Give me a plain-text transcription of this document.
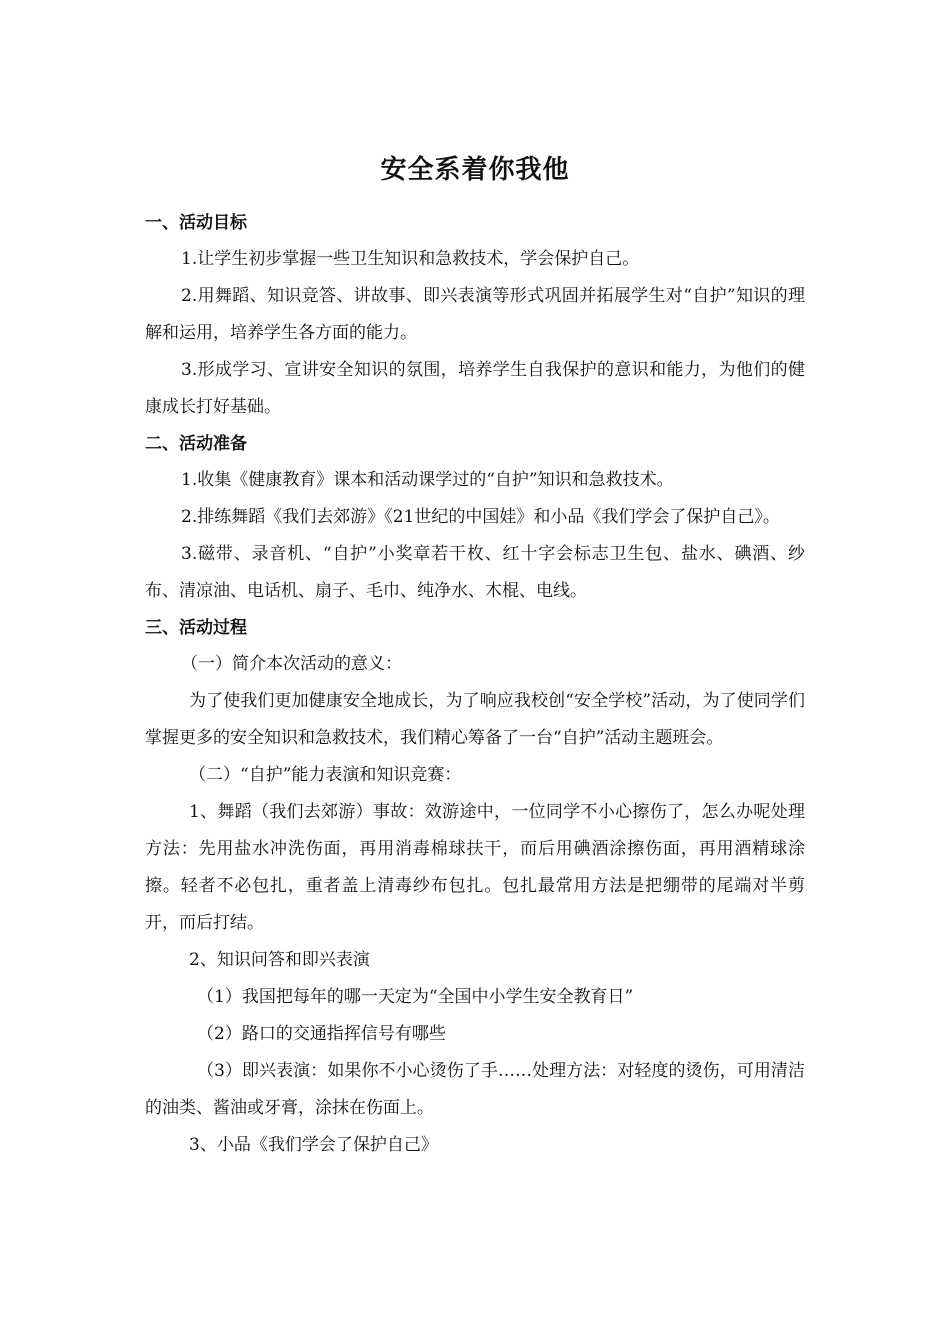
安全系着你我他

一、活动目标

1.让学生初步掌握一些卫生知识和急救技术，学会保护自己。

2.用舞蹈、知识竞答、讲故事、即兴表演等形式巩固并拓展学生对“自护”知识的理解和运用，培养学生各方面的能力。

3.形成学习、宣讲安全知识的氛围，培养学生自我保护的意识和能力，为他们的健康成长打好基础。

二、活动准备

1.收集《健康教育》课本和活动课学过的“自护”知识和急救技术。

2.排练舞蹈《我们去郊游》《21世纪的中国娃》和小品《我们学会了保护自己》。

3.磁带、录音机、“自护”小奖章若干枚、红十字会标志卫生包、盐水、碘酒、纱布、清凉油、电话机、扇子、毛巾、纯净水、木棍、电线。

三、活动过程

（一）简介本次活动的意义：

为了使我们更加健康安全地成长，为了响应我校创“安全学校”活动，为了使同学们掌握更多的安全知识和急救技术，我们精心筹备了一台“自护”活动主题班会。

（二）“自护”能力表演和知识竞赛：

1、舞蹈（我们去郊游）事故：效游途中，一位同学不小心擦伤了，怎么办呢处理方法：先用盐水冲洗伤面，再用消毒棉球扶干，而后用碘酒涂擦伤面，再用酒精球涂擦。轻者不必包扎，重者盖上清毒纱布包扎。包扎最常用方法是把绷带的尾端对半剪开，而后打结。

2、知识问答和即兴表演

（1）我国把每年的哪一天定为“全国中小学生安全教育日”

（2）路口的交通指挥信号有哪些

（3）即兴表演：如果你不小心烫伤了手……处理方法：对轻度的烫伤，可用清洁的油类、酱油或牙膏，涂抹在伤面上。

3、小品《我们学会了保护自己》
